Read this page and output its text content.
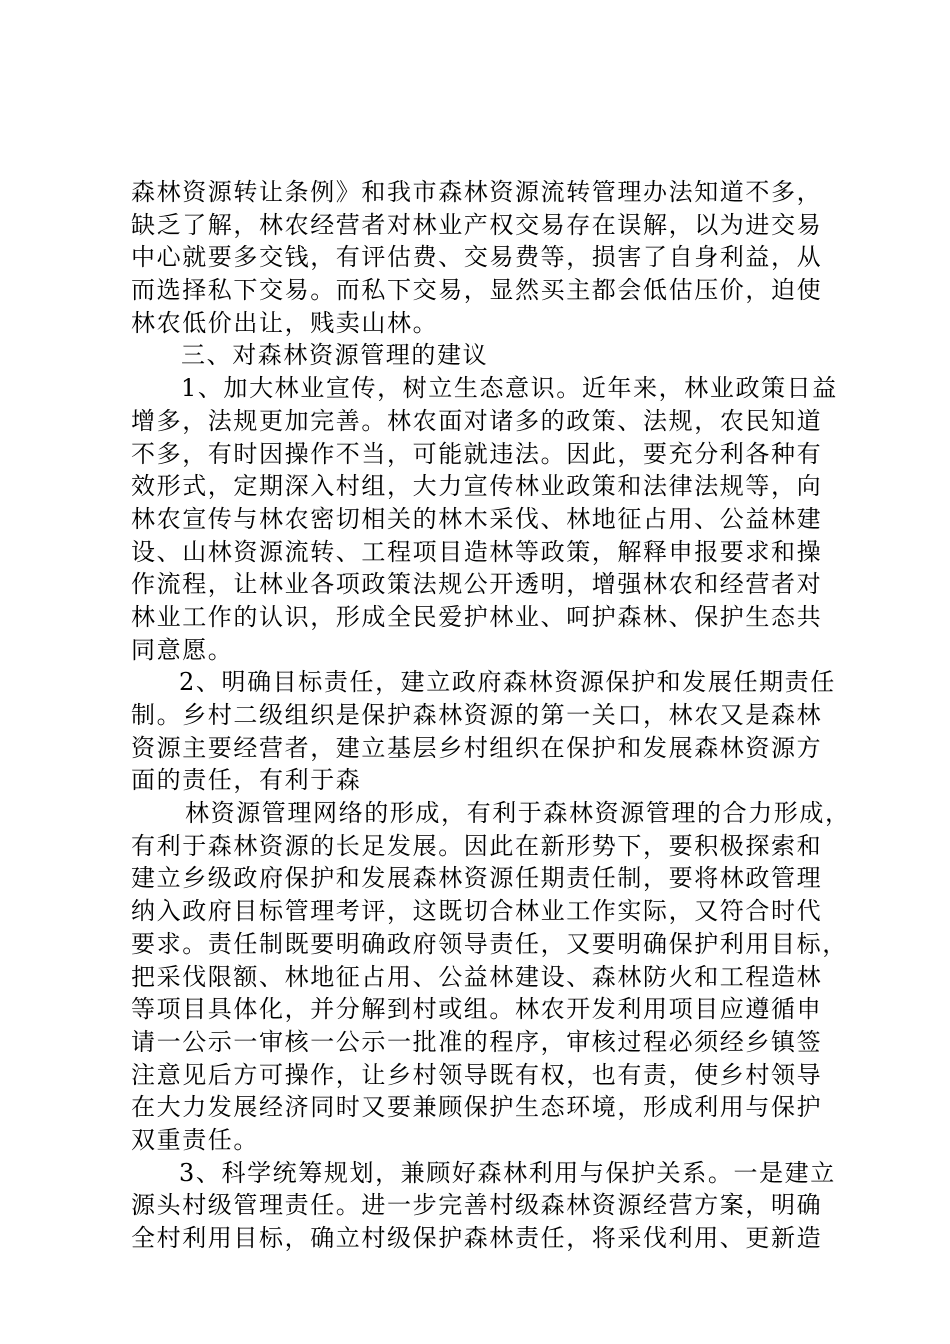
森林资源转让条例》和我市森林资源流转管理办法知道不多，
缺乏了解，林农经营者对林业产权交易存在误解，以为进交易
中心就要多交钱，有评估费、交易费等，损害了自身利益，从
而选择私下交易。而私下交易，显然买主都会低估压价，迫使
林农低价出让，贱卖山林。
三、对森林资源管理的建议
1、加大林业宣传，树立生态意识。近年来，林业政策日益
增多，法规更加完善。林农面对诸多的政策、法规，农民知道
不多，有时因操作不当，可能就违法。因此，要充分利各种有
效形式，定期深入村组，大力宣传林业政策和法律法规等，向
林农宣传与林农密切相关的林木采伐、林地征占用、公益林建
设、山林资源流转、工程项目造林等政策，解释申报要求和操
作流程，让林业各项政策法规公开透明，增强林农和经营者对
林业工作的认识，形成全民爱护林业、呵护森林、保护生态共
同意愿。
2、明确目标责任，建立政府森林资源保护和发展任期责任
制。乡村二级组织是保护森林资源的第一关口，林农又是森林
资源主要经营者，建立基层乡村组织在保护和发展森林资源方
面的责任，有利于森
林资源管理网络的形成，有利于森林资源管理的合力形成，
有利于森林资源的长足发展。因此在新形势下，要积极探索和
建立乡级政府保护和发展森林资源任期责任制，要将林政管理
纳入政府目标管理考评，这既切合林业工作实际，又符合时代
要求。责任制既要明确政府领导责任，又要明确保护利用目标，
把采伐限额、林地征占用、公益林建设、森林防火和工程造林
等项目具体化，并分解到村或组。林农开发利用项目应遵循申
请一公示一审核一公示一批准的程序，审核过程必须经乡镇签
注意见后方可操作，让乡村领导既有权，也有责，使乡村领导
在大力发展经济同时又要兼顾保护生态环境，形成利用与保护
双重责任。
3、科学统筹规划，兼顾好森林利用与保护关系。一是建立
源头村级管理责任。进一步完善村级森林资源经营方案，明确
全村利用目标，确立村级保护森林责任，将采伐利用、更新造
